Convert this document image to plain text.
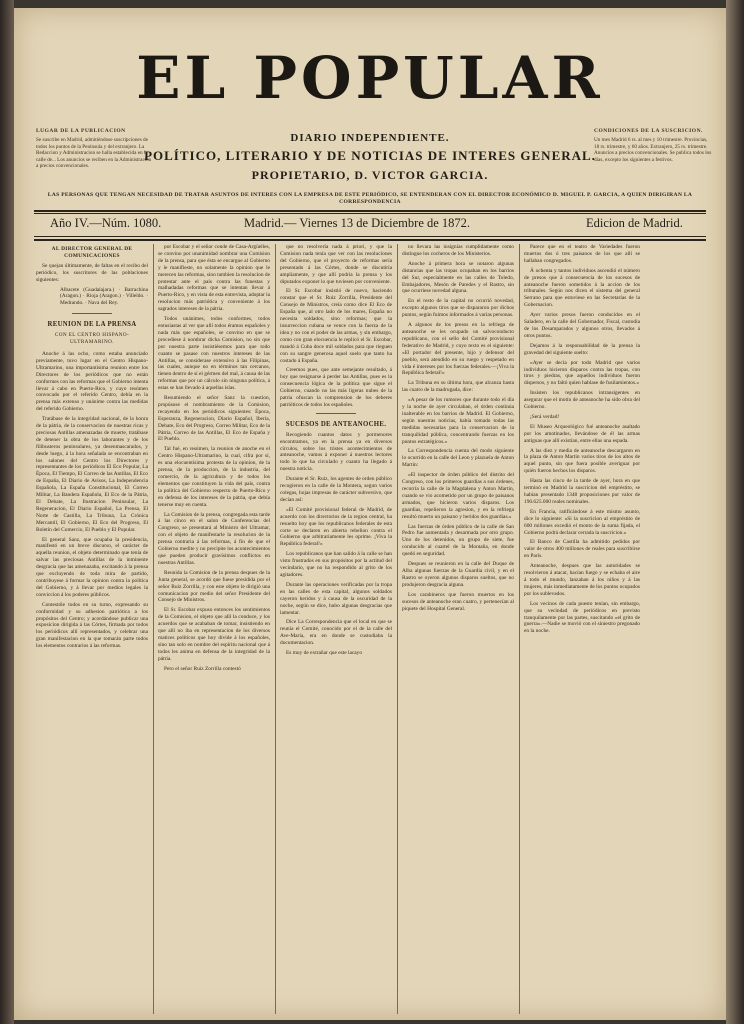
LUGAR DE LA PUBLICACION
Se suscribe en Madrid, admitiéndose suscripciones de todos los puntos de la Península y del extranjero. La Redaccion y Administracion se halla establecida en la calle de... Los anuncios se reciben en la Administracion a precios convencionales.
EL POPULAR
CONDICIONES DE LA SUSCRICION.
Un mes Madrid 6 rs. al mes y 10 trimestre. Provincias, 18 rs. trimestre, y 60 años. Extranjero, 25 rs. trimestre. Anuncios a precios convencionales. Se publica todos los días, excepto los siguientes a festivos.
DIARIO INDEPENDIENTE.
POLÍTICO, LITERARIO Y DE NOTICIAS DE INTERES GENERAL.
PROPIETARIO, D. VICTOR GARCIA.
LAS PERSONAS QUE TENGAN NECESIDAD DE TRATAR ASUNTOS DE INTERES CON LA EMPRESA DE ESTE PERIÓDICO, SE ENTENDERAN CON EL DIRECTOR ECONÓMICO D. MIGUEL P. GARCIA, A QUIEN DIRIGIRAN LA CORRESPONDENCIA
Año IV.—Núm. 1080.	Madrid.— Viernes 13 de Diciembre de 1872.	Edicion de Madrid.

AL DIRECTOR GENERAL DE COMUNICACIONES

Se quejan últimamente, de faltas en el recibo del periódico, los suscritores de las poblaciones siguientes:

Albacete (Guadalajara.) · Barrachina (Aragon.) · Rioja (Aragon.) · Villeldo. · Medrando. · Nava del Rey.

REUNION DE LA PRENSA

CON EL CENTRO HISPANO-ULTRAMARINO.

Anoche á las ocho, como estaba anunciado previamente, tuvo lugar en el Centro Hispano-Ultramarino, una importantísima reunion entre los Directores de los periódicos que no están conformes con las reformas que el Gobierno intenta llevar á cabo en Puerto-Rico, y cuyo resúmen convocado por el referido Centro, debía en la prensa más extenso y unánime contra las medidas del referido Gobierno.

Tratábase de la integridad nacional, de la honra de la pátria, de la conservacion de nuestras ricas y preciosas Antillas amenazadas de muerte, tratábase de detener la obra de los laborantes y de los filibusteros peninsulares, ya desenmascarados, y desde luego, á la hora señalada se encontraban en los salones del Centro los Directores y representantes de los periódicos El Eco Popular, La Época, El Tiempo, El Correo de las Antillas, El Eco de España, El Diario de Avisos, La Independencia Española, La España Constitucional, El Correo Militar, La Bandera Española, El Eco de la Pátria, El Debate, La Ilustracion Peninsular, La Regeneracion, El Diario Español, La Prensa, El Norte de Castilla, La Tribuna, La Crónica Mercantil, El Gobierno, El Eco del Progreso, El Boletín del Comercio, El Pueblo y El Popular.

El general Sanz, que ocupaba la presidencia, manifestó en un breve discurso, el carácter de aquella reunion, el objeto determinado que tenía de salvar las preciosas Antillas de la inminente desgracia que las amenazaba, excitando á la prensa que excluyendo de toda mira de partido, contribuyese á formar la opinion contra la política del Gobierno, y á llevar por medios legales la conviccion á los poderes públicos.

Contestóle todos en su turno, expresando su conformidad y su adhesion patriótica a los propósitos del Centro; y acordándose publicar una exposicion dirigida á las Córtes, firmada por todos los periódicos allí representados, y celebrar una gran manifestacion en la que tomarán parte todos los elementos contrarios á las reformas.

por Escobar y el señor conde de Casa-Argüelles, se convino por unanimidad nombrar una Comision de la prensa, para que ésta se encargue al Gobierno y le manifieste, no solamente la opinion que le merecen las reformas, sino tambien la resolucion de protestar ante el país contra las funestas y malhadadas reformas que se intentan llevar á Puerto-Rico, y en vista de esta entrevista, adoptar la resolucion más patriótica y conveniente á los sagrados intereses de la pátria.

Todos unánimes, todos conformes, todos entusiastas al ver que allí todos éramos españoles y nada más que españoles, se convino en que se procediese á nombrar dicha Comision, no sin que por nuestra parte insistiésemos para que todo cuanto se pasase con nuestros intereses de las Antillas, se considerase extensivo á las Filipinas, las cuales, aunque no en términos tan cercanos, tienen dentro de sí el gérmen del mal, á causa de las reformas que por un cálculo sin ninguna política, á estas se han llevado á aquellas islas.

Resumiendo el señor Sanz la cuestion, propúsose el nombramiento de la Comision, recayendo en los periódicos siguientes: Época, Esperanza, Regeneracion, Diario Español, Iberia, Debate, Eco del Progreso, Correo Militar, Eco de la Pátria, Correo de las Antillas, El Eco de España y El Pueblo.

Tal fué, en resúmen, la reunion de anoche en el Centro Hispano-Ultramarino, la cual, cifra por sí, es una elocuentísima protesta de la opinion, de la prensa, de la produccion, de la industria, del comercio, de la agricultura y de todos los elementos que constituyen la vida del país, contra la política del Gobierno respecto de Puerto-Rico y en defensa de los intereses de la pátria, que debía tenerse muy en cuenta.

La Comision de la prensa, congregada esta tarde á las cinco en el salon de Conferencias del Congreso, se presentará al Ministro del Ultramar, con el objeto de manifestarle la resolucion de la prensa contraria á las reformas, á fin de que el Gobierno medite y no precipite los acontecimientos que pueden producir gravísimos conflictos en nuestras Antillas.

Reunida la Comision de la prensa despues de la Junta general, se acordó que fuese presidida por el señor Ruiz Zorrilla, y con este objeto le dirigió una comunicacion por medio del señor Presidente del Consejo de Ministros.

El Sr. Escobar expuso entonces los sentimientos de la Comision, el objeto que allí la conduce, y los acuerdos que se acababan de tomar, insistiendo en que allí no iba en representacion de los diversos matices políticos que hoy divide á los españoles, sino tan solo en nombre del espíritu nacional que á todos les anima en defensa de la integridad de la pátria.

Pero el señor Ruiz Zorrilla contestó

que no resolvería nada á priori, y que la Comision nada tenía que ver con las resoluciones del Gobierno, que el proyecto de reformas sería presentado á las Córtes, donde se discutiría ampliamente, y que allí podría la prensa y los diputados exponer lo que tuviesen por conveniente.

El Sr. Escobar insistió de nuevo, haciendo constar que el Sr. Ruiz Zorrilla, Presidente del Consejo de Ministros, creía como dice El Eco de España que, al otro lado de los mares, España no necesita soldados, sino reformas; que la insurreccion cubana se vence con la fuerza de la idea y no con el poder de las armas, y sin embargo, como con gran elocuencia le replicó el Sr. Escobar, mandó á Cuba doce mil soldados para que rieguen con su sangre generosa aquel suelo que tanto ha costado á España.

Creemos pues, que ante semejante resultado, á hoy que resignarse á perder las Antillas, pues es la consecuencia lógica de la política que sigue el Gobierno, cuando no las más ligeras nubes de la patria ofuscan la comprension de los deberes patrióticos de todos los españoles.

SUCESOS DE ANTEANOCHE.

Recogiendo cuantos datos y pormenores encontramos, ya en la prensa ya en diversos círculos, sobre los tristes acontecimientos de anteanoche, vamos á exponer á nuestros lectores todo lo que ha circulado y cuanto ha llegado á nuestra noticia.

Durante el Sr. Ruiz, los agentes de orden público recogieron en la calle de la Montera, segun varios colegas, hojas impresas de carácter subversivo, que decían así:

«El Comité provisional federal de Madrid, de acuerdo con los directorios de la region central, ha resuelto hoy que los republicanos federales de esta corte se declaren en abierta rebelion contra el Gobierno que arbitrariamente les oprime. ¡Viva la República federal!»

Los republicanos que han salido á la calle se han visto frustrados en sus propósitos por la actitud del vecindario, que no ha respondido al grito de los agitadores.

Durante las operaciones verificadas por la tropa en las calles de esta capital, algunos soldados cayeron heridos y á causa de la oscuridad de la noche, según se dice, hubo algunas desgracias que lamentar.

Dice La Correspondencia que el local en que se reunía el Comité, conocido por el de la calle del Ave-María, era en donde se custodiaba la documentacion.

Es muy de extrañar que este lacayo

no llevara las insignias cumplidamente como distingue los cocheros de los Ministerios.

Anoche á primera hora se notaron algunas distancias que las tropas ocupaban en los barrios del Sur, especialmente en las calles de Toledo, Embajadores, Mesón de Paredes y el Rastro, sin que ocurriese novedad alguna.

En el resto de la capital no ocurrió novedad, excepto algunos tiros que se dispararon por dichos puntos, según fuimos informados á varias personas.

A algunos de los presos en la refriega de anteanoche se les ocupado un salvoconducto republicano, con el sello del Comité provisional federativo de Madrid, y cuyo texto es el siguiente: «El portador del presente, hijo y defensor del pueblo, será atendido en su ruego y respetado en vida é intereses por los fuerzas federales.—¡Viva la República federal!»

La Tribuna en su última hora, que alcanza hasta las cuatro de la madrugada, dice:

«A pesar de los rumores que durante todo el día y la noche de ayer circulaban, el órden continúa inalterable en los barrios de Madrid. El Gobierno, según nuestras noticias, había tomado todas las medidas necesarias para la conservacion de la tranquilidad pública, concentrando fuerzas en los puntos estratégicos.»

La Correspondencia cuenta del modo siguiente lo ocurrido en la calle del Leon y plazuela de Anton Martin:

«El inspector de órden público del distrito del Congreso, con los primeros guardias a sus órdenes, recorría la calle de la Magdalena y Anton Martin, cuando se vio acometido por un grupo de paisanos armados, que hicieron varios disparos. Los guardias, repelieron la agresion, y en la refriega resultó muerto un paisano y heridos dos guardias.»

Las fuerzas de órden público de la calle de San Pedro fue aumentada y desarmada por otro grupo. Uno de los detenidos, un grupo de siete, fue conducido al cuartel de la Montaña, en donde quedó en seguridad.

Despues se reunieron en la calle del Duque de Alba algunas fuerzas de la Guardia civil, y en el Rastro se oyeron algunos disparos sueltos, que no produjeron desgracia alguna.

Los carabineros que fueron muertos en los sucesos de anteanoche eran cuatro, y pertenecían al piquete del Hospital General.

Parece que en el teatro de Variedades fueron muertos dos ó tres paisanos de los que allí se hallaban congregados.

Á ochenta y tantos individuos ascendió el número de presos que á consecuencia de los sucesos de anteanoche fueron sometidos á la accion de los tribunales. Según nos dicen el sistema del general Serrano para que estuviese en las Secretarías de la Gobernacion.

Ayer varios presos fueron conducidos en el Saladero, en la calle del Gobernador, Fiscal, custodia de los Desamparados y algunos otros, llevados á otros puntos.

Dejamos á la responsabilidad de la prensa la gravedad del siguiente suelto:

«Ayer se decía por todo Madrid que varios individuos hicieron disparos contra las tropas, con tiros y piedras, que aquellos individuos fueron dispersos, y no faltó quien hablase de fusilamientos.»

Insisten los republicanos intransigentes en asegurar que el motín de anteanoche ha sido obra del Gobierno.

¡Será verdad!

El Museo Arqueológico fué anteanoche asaltado por los amotinados, llevándose de él las armas antiguas que allí existían, entre ellas una espada.

A las diez y media de anteanoche descargaron en la plaza de Anton Martin varios tiros de los altos de aquel punto, sin que fuera posible averiguar por quién fueron hechos los disparos.

Hasta las cinco de la tarde de ayer, hora en que terminó en Madrid la suscricion del empréstito, se habían presentado 1348 proposiciones por valor de 190.625.000 reales nominales.

En Francia, ratificándose á este mismo asunto, dice lo siguiente: «Si la suscricion al empréstito de 600 millones excedió el monto de la suma fijada, el Gobierno podrá declarar cerrada la suscricion.»

El Banco de Castilla ha admitido pedidos por valor de otros 400 millones de reales para suscribirse en París.

Anteanoche, despues que las autoridades se resolvieron á atacar, hacían fuego y se echaba el aire á todo el mundo, lanzaban á los niños y á las mujeres, más inmediatamente de los puntos ocupados por los sublevados.

Los vecinos de cada puesto tenían, sin embargo, que su vecindad de periódicos en previsto tranquilamente por las partes, suscitando «el grito de guerra».—Nadie se movió con el siniestro pregonado en la noche.
